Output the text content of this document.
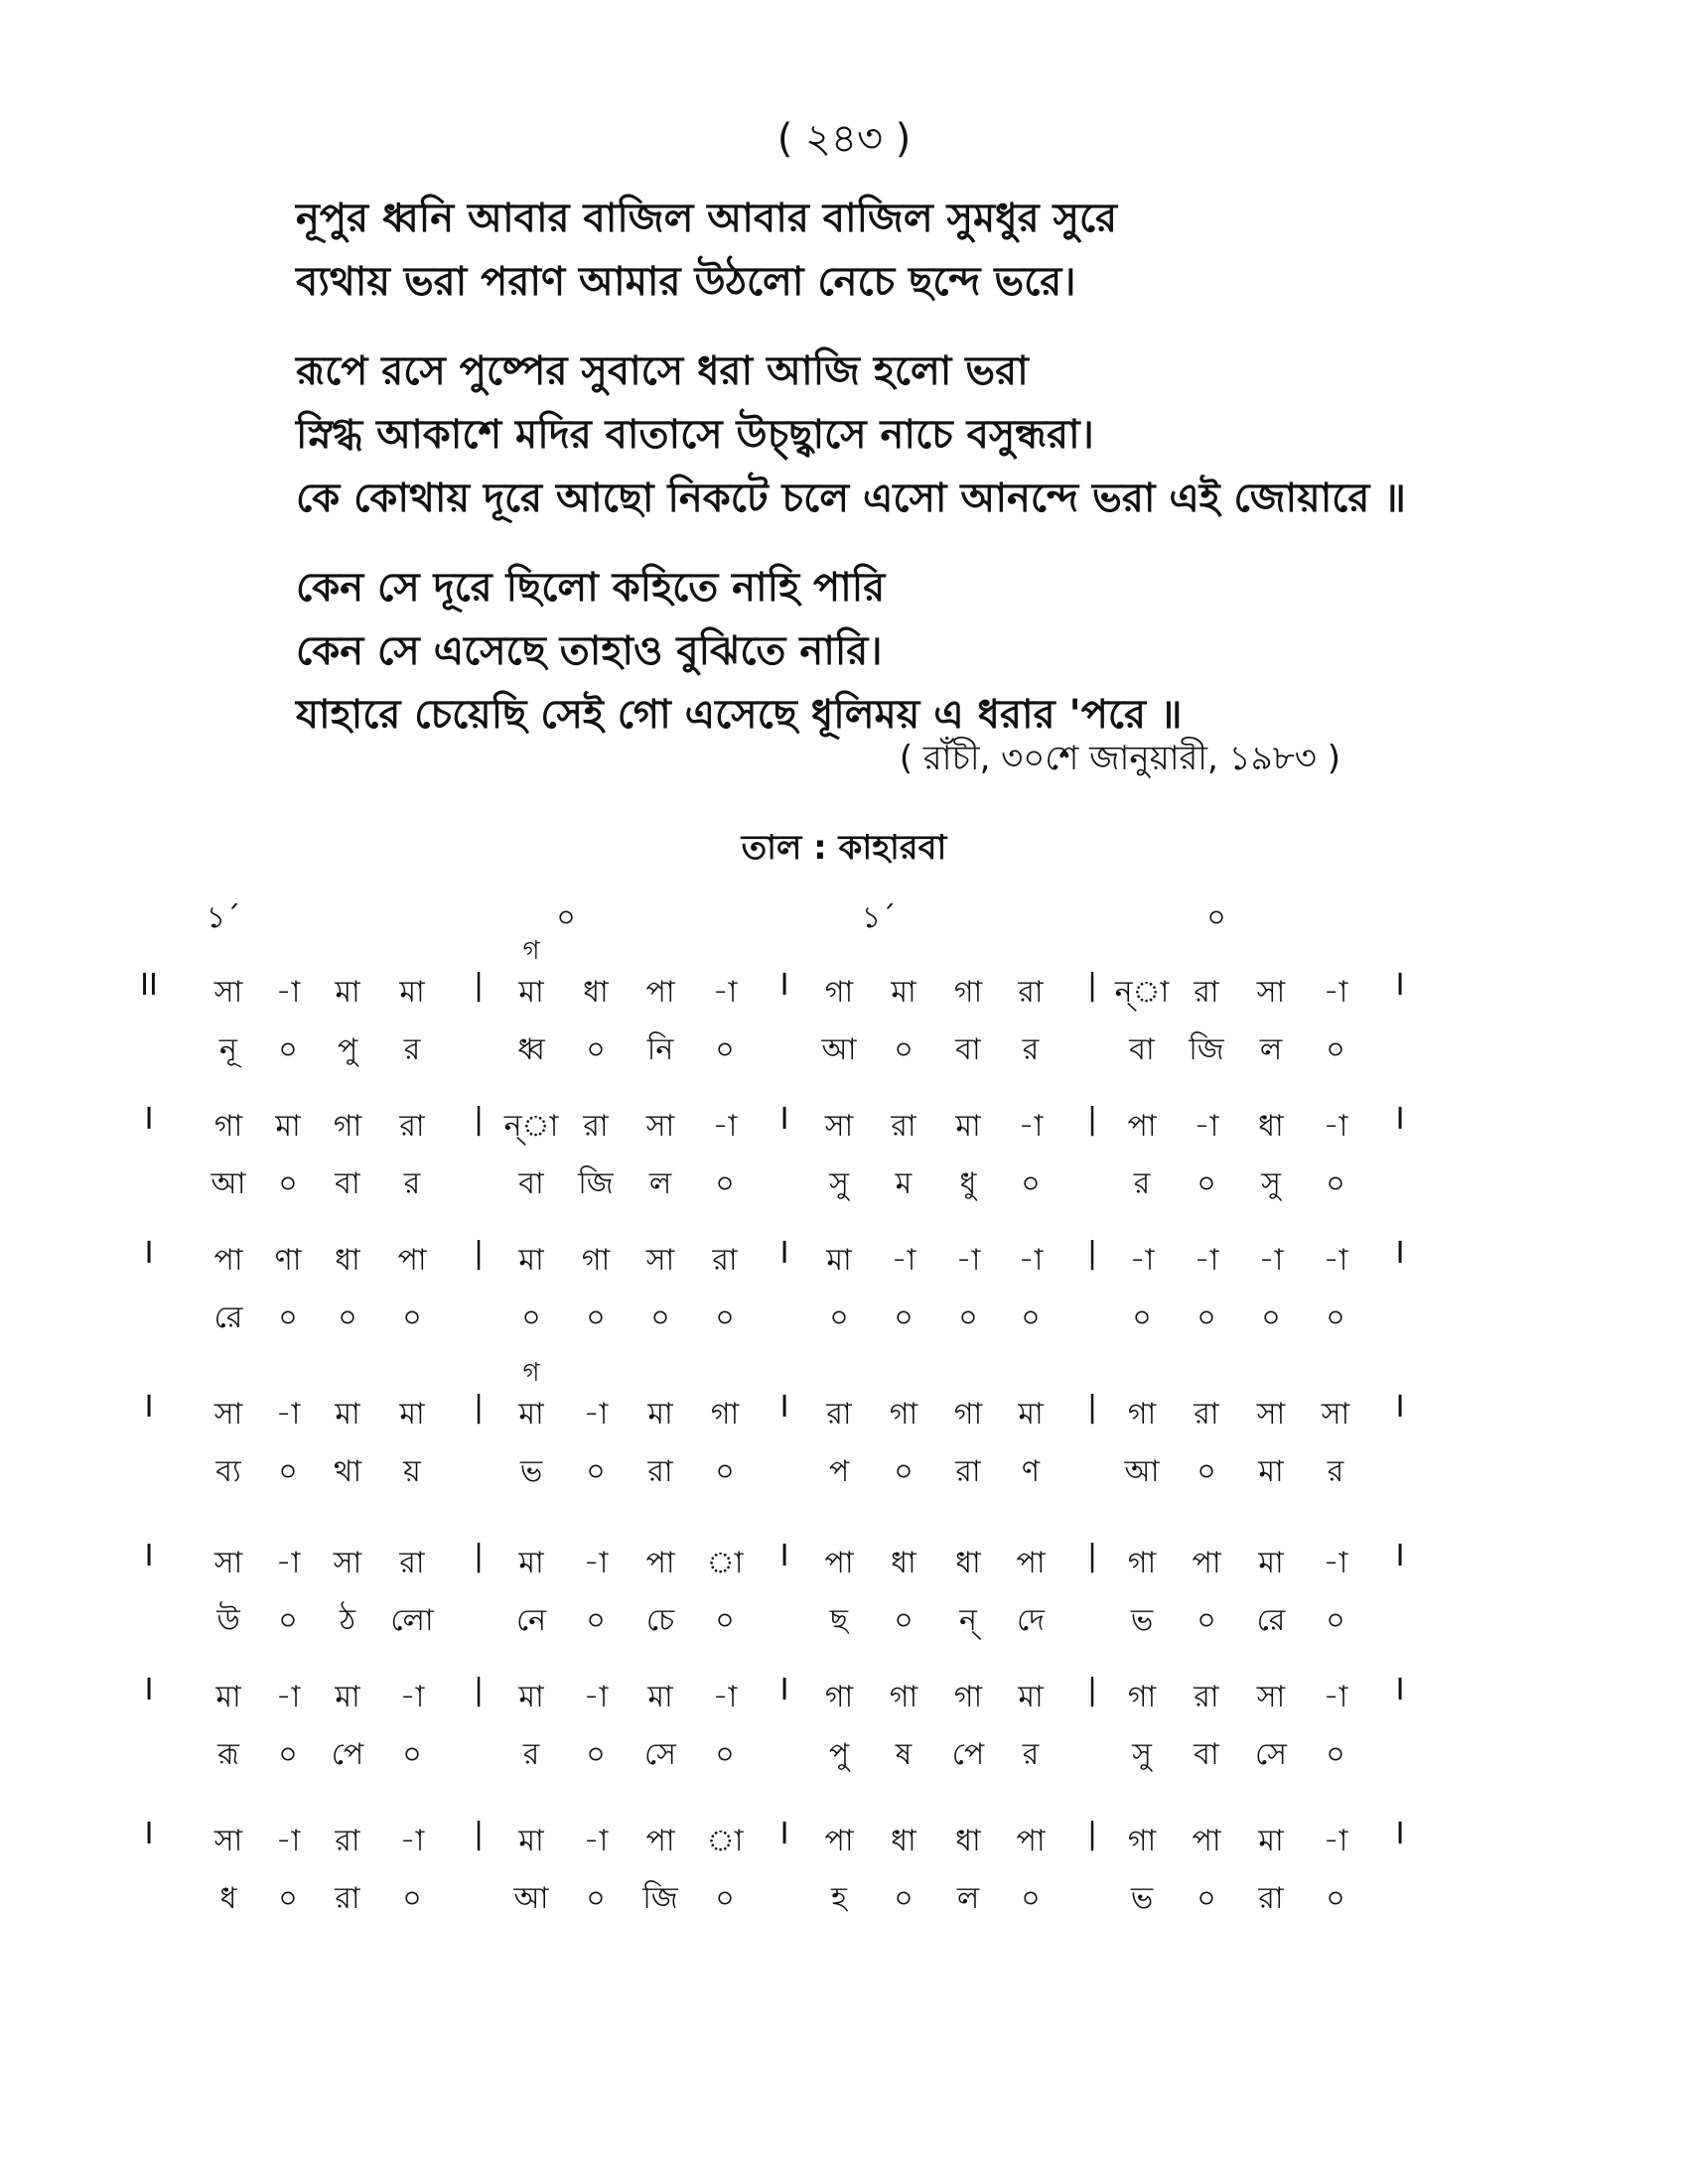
( ২৪৩ )
নূপুর ধ্বনি আবার বাজিল আবার বাজিল সুমধুর সুরে
ব্যথায় ভরা পরাণ আমার উঠলো নেচে ছন্দে ভরে।
রূপে রসে পুষ্পের সুবাসে ধরা আজি হলো ভরা
স্নিগ্ধ আকাশে মদির বাতাসে উচ্ছ্বাসে নাচে বসুন্ধরা।
কে কোথায় দূরে আছো নিকটে চলে এসো আনন্দে ভরা এই জোয়ারে ॥
কেন সে দূরে ছিলো কহিতে নাহি পারি
কেন সে এসেছে তাহাও বুঝিতে নারি।
যাহারে চেয়েছি সেই গো এসেছে ধূলিময় এ ধরার 'পরে ॥
( রাঁচী, ৩০শে জানুয়ারী, ১৯৮৩ )
তাল : কাহারবা
১´	০	১´	০
II সা -া মা মা | মা ধা পা -া I গা মা গা রা | ন্‌া রা সা -া I
গ
নূ ০ পু র	ধ্ব ০ নি ০	আ ০ বা র	বা জি ল ০
I গা মা গা রা | ন্‌া রা সা -া I সা রা মা -া | পা -া ধা -া I
আ ০ বা র	বা জি ল ০	সু ম ধু ০	র ০ সু ০
I পা ণা ধা পা | মা গা সা রা I মা -া -া -া | -া -া -া -া I
রে ০ ০ ০	০ ০ ০ ০	০ ০ ০ ০	০ ০ ০ ০
I সা -া মা মা | মা -া মা গা I রা গা গা মা | গা রা সা সা I
গ
ব্য ০ থা য়	ভ ০ রা ০	প ০ রা ণ	আ ০ মা র
I সা -া সা রা | মা -া পা া I পা ধা ধা পা | গা পা মা -া I
উ ০ ঠ লো	নে ০ চে ০	ছ ০ ন্ দে	ভ ০ রে ০
I মা -া মা -া | মা -া মা -া I গা গা গা মা | গা রা সা -া I
রূ ০ পে ০	র ০ সে ০	পু ষ পে র	সু বা সে ০
I সা -া রা -া | মা -া পা া I পা ধা ধা পা | গা পা মা -া I
ধ ০ রা ০	আ ০ জি ০	হ ০ ল ০	ভ ০ রা ০
